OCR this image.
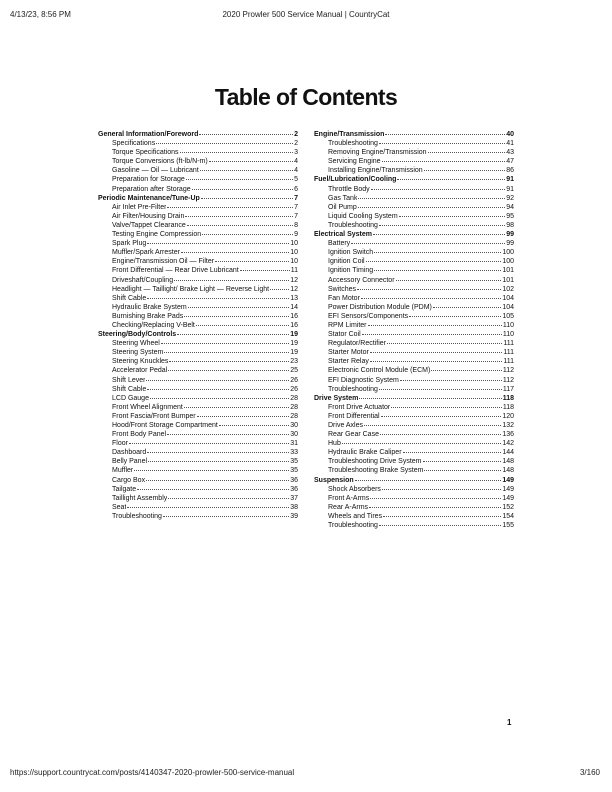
4/13/23, 8:56 PM	2020 Prowler 500 Service Manual | CountryCat
Table of Contents
General Information/Foreword	2
Specifications	2
Torque Specifications	3
Torque Conversions (ft-lb/N-m)	4
Gasoline — Oil — Lubricant	4
Preparation for Storage	5
Preparation after Storage	6
Periodic Maintenance/Tune-Up	7
Air Inlet Pre-Filter	7
Air Filter/Housing Drain	7
Valve/Tappet Clearance	8
Testing Engine Compression	9
Spark Plug	10
Muffler/Spark Arrester	10
Engine/Transmission Oil — Filter	10
Front Differential — Rear Drive Lubricant	11
Driveshaft/Coupling	12
Headlight — Taillight/ Brake Light — Reverse Light	12
Shift Cable	13
Hydraulic Brake System	14
Burnishing Brake Pads	16
Checking/Replacing V-Belt	16
Steering/Body/Controls	19
Steering Wheel	19
Steering System	19
Steering Knuckles	23
Accelerator Pedal	25
Shift Lever	26
Shift Cable	26
LCD Gauge	28
Front Wheel Alignment	28
Front Fascia/Front Bumper	28
Hood/Front Storage Compartment	30
Front Body Panel	30
Floor	31
Dashboard	33
Belly Panel	35
Muffler	35
Cargo Box	36
Tailgate	36
Taillight Assembly	37
Seat	38
Troubleshooting	39
Engine/Transmission	40
Troubleshooting	41
Removing Engine/Transmission	43
Servicing Engine	47
Installing Engine/Transmission	86
Fuel/Lubrication/Cooling	91
Throttle Body	91
Gas Tank	92
Oil Pump	94
Liquid Cooling System	95
Troubleshooting	98
Electrical System	99
Battery	99
Ignition Switch	100
Ignition Coil	100
Ignition Timing	101
Accessory Connector	101
Switches	102
Fan Motor	104
Power Distribution Module (PDM)	104
EFI Sensors/Components	105
RPM Limiter	110
Stator Coil	110
Regulator/Rectifier	111
Starter Motor	111
Starter Relay	111
Electronic Control Module (ECM)	112
EFI Diagnostic System	112
Troubleshooting	117
Drive System	118
Front Drive Actuator	118
Front Differential	120
Drive Axles	132
Rear Gear Case	136
Hub	142
Hydraulic Brake Caliper	144
Troubleshooting Drive System	148
Troubleshooting Brake System	148
Suspension	149
Shock Absorbers	149
Front A-Arms	149
Rear A-Arms	152
Wheels and Tires	154
Troubleshooting	155
1
https://support.countrycat.com/posts/4140347-2020-prowler-500-service-manual	3/160
